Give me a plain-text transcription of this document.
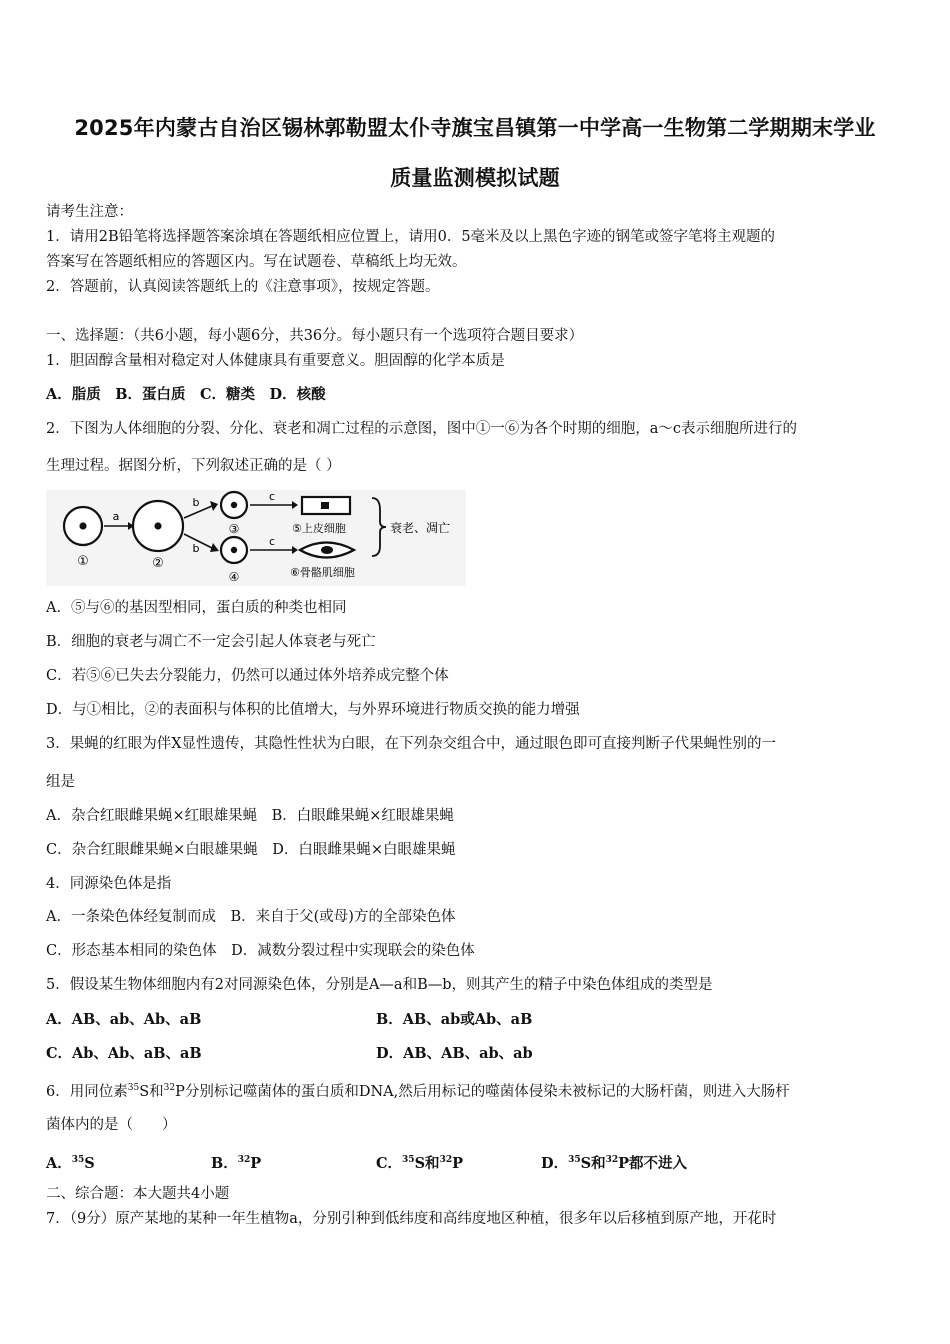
2025年内蒙古自治区锡林郭勒盟太仆寺旗宝昌镇第一中学高一生物第二学期期末学业
质量监测模拟试题
请考生注意：
1．请用2B铅笔将选择题答案涂填在答题纸相应位置上，请用0．5毫米及以上黑色字迹的钢笔或签字笔将主观题的
答案写在答题纸相应的答题区内。写在试题卷、草稿纸上均无效。
2．答题前，认真阅读答题纸上的《注意事项》，按规定答题。
一、选择题：（共6小题，每小题6分，共36分。每小题只有一个选项符合题目要求）
1．胆固醇含量相对稳定对人体健康具有重要意义。胆固醇的化学本质是
A．脂质　B．蛋白质　C．糖类　D．核酸
2．下图为人体细胞的分裂、分化、衰老和凋亡过程的示意图，图中①一⑥为各个时期的细胞，a～c表示细胞所进行的
生理过程。据图分析，下列叙述正确的是（ ）
①
a
②
b
b
③
④
c
c
⑤上皮细胞
⑥骨骼肌细胞
衰老、凋亡
A．⑤与⑥的基因型相同，蛋白质的种类也相同
B．细胞的衰老与凋亡不一定会引起人体衰老与死亡
C．若⑤⑥已失去分裂能力，仍然可以通过体外培养成完整个体
D．与①相比，②的表面积与体积的比值增大，与外界环境进行物质交换的能力增强
3．果蝇的红眼为伴X显性遗传，其隐性性状为白眼，在下列杂交组合中，通过眼色即可直接判断子代果蝇性别的一
组是
A．杂合红眼雌果蝇×红眼雄果蝇　B．白眼雌果蝇×红眼雄果蝇
C．杂合红眼雌果蝇×白眼雄果蝇　D．白眼雌果蝇×白眼雄果蝇
4．同源染色体是指
A．一条染色体经复制而成　B．来自于父(或母)方的全部染色体
C．形态基本相同的染色体　D．减数分裂过程中实现联会的染色体
5．假设某生物体细胞内有2对同源染色体，分别是A—a和B—b，则其产生的精子中染色体组成的类型是
A．AB、ab、Ab、aB	B．AB、ab或Ab、aB
C．Ab、Ab、aB、aB	D．AB、AB、ab、ab
6．用同位素$^{35}$S和$^{32}$P分别标记噬菌体的蛋白质和DNA,然后用标记的噬菌体侵染未被标记的大肠杆菌，则进入大肠杆
菌体内的是（　　）
A．$^{35}$S	B．$^{32}$P	C．$^{35}$S和$^{32}$P	D．$^{35}$S和$^{32}$P都不进入
二、综合题：本大题共4小题
7．（9分）原产某地的某种一年生植物a，分别引种到低纬度和高纬度地区种植，很多年以后移植到原产地，开花时
